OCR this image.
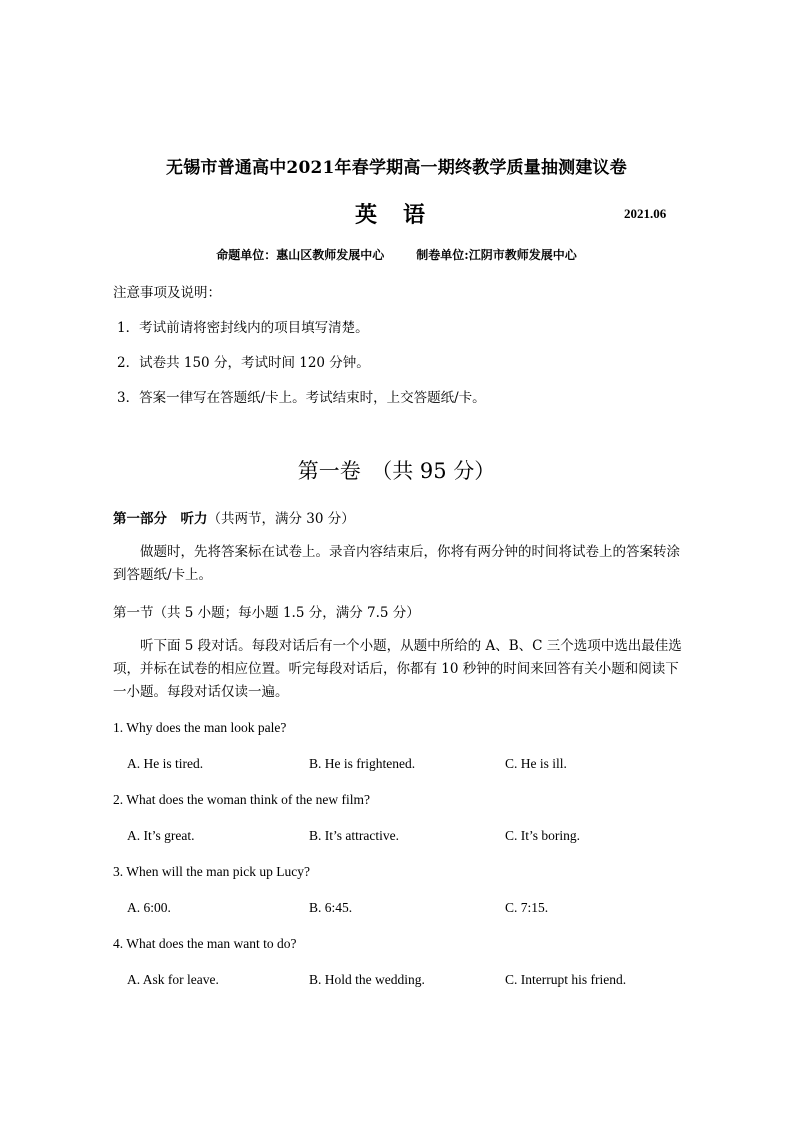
无锡市普通高中2021年春学期高一期终教学质量抽测建议卷
英 语	2021.06
命题单位：惠山区教师发展中心	制卷单位:江阴市教师发展中心
注意事项及说明：
1．考试前请将密封线内的项目填写清楚。
2．试卷共 150 分，考试时间 120 分钟。
3．答案一律写在答题纸/卡上。考试结束时，上交答题纸/卡。
第一卷　（共 95 分）
第一部分　听力（共两节，满分 30 分）
做题时，先将答案标在试卷上。录音内容结束后，你将有两分钟的时间将试卷上的答案转涂到答题纸/卡上。
第一节（共 5 小题；每小题 1.5 分，满分 7.5 分）
听下面 5 段对话。每段对话后有一个小题，从题中所给的 A、B、C 三个选项中选出最佳选项，并标在试卷的相应位置。听完每段对话后，你都有 10 秒钟的时间来回答有关小题和阅读下一小题。每段对话仅读一遍。
1. Why does the man look pale?
A. He is tired.	B. He is frightened.	C. He is ill.
2. What does the woman think of the new film?
A. It’s great.	B. It’s attractive.	C. It’s boring.
3. When will the man pick up Lucy?
A. 6:00.	B. 6:45.	C. 7:15.
4. What does the man want to do?
A. Ask for leave.	B. Hold the wedding.	C. Interrupt his friend.
